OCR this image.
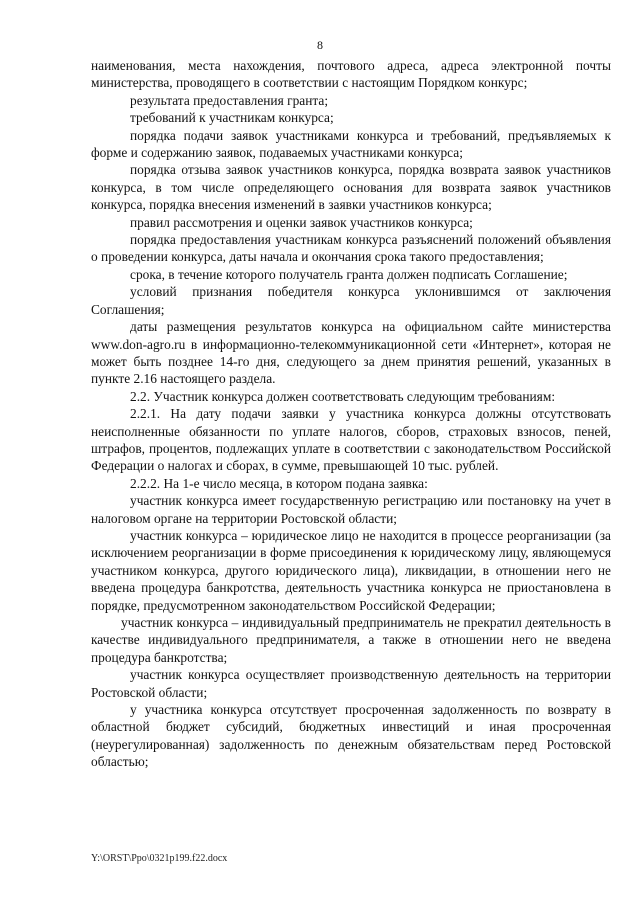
8

наименования, места нахождения, почтового адреса, адреса электронной почты министерства, проводящего в соответствии с настоящим Порядком конкурс;

результата предоставления гранта;

требований к участникам конкурса;

порядка подачи заявок участниками конкурса и требований, предъявляемых к форме и содержанию заявок, подаваемых участниками конкурса;

порядка отзыва заявок участников конкурса, порядка возврата заявок участников конкурса, в том числе определяющего основания для возврата заявок участников конкурса, порядка внесения изменений в заявки участников конкурса;

правил рассмотрения и оценки заявок участников конкурса;

порядка предоставления участникам конкурса разъяснений положений объявления о проведении конкурса, даты начала и окончания срока такого предоставления;

срока, в течение которого получатель гранта должен подписать Соглашение;

условий признания победителя конкурса уклонившимся от заключения Соглашения;

даты размещения результатов конкурса на официальном сайте министерства www.don-agro.ru в информационно-телекоммуникационной сети «Интернет», которая не может быть позднее 14-го дня, следующего за днем принятия решений, указанных в пункте 2.16 настоящего раздела.

2.2. Участник конкурса должен соответствовать следующим требованиям:

2.2.1. На дату подачи заявки у участника конкурса должны отсутствовать неисполненные обязанности по уплате налогов, сборов, страховых взносов, пеней, штрафов, процентов, подлежащих уплате в соответствии с законодательством Российской Федерации о налогах и сборах, в сумме, превышающей 10 тыс. рублей.

2.2.2. На 1-е число месяца, в котором подана заявка:

участник конкурса имеет государственную регистрацию или постановку на учет в налоговом органе на территории Ростовской области;

участник конкурса – юридическое лицо не находится в процессе реорганизации (за исключением реорганизации в форме присоединения к юридическому лицу, являющемуся участником конкурса, другого юридического лица), ликвидации, в отношении него не введена процедура банкротства, деятельность участника конкурса не приостановлена в порядке, предусмотренном законодательством Российской Федерации;

участник конкурса – индивидуальный предприниматель не прекратил деятельность в качестве индивидуального предпринимателя, а также в отношении него не введена процедура банкротства;

участник конкурса осуществляет производственную деятельность на территории Ростовской области;

у участника конкурса отсутствует просроченная задолженность по возврату в областной бюджет субсидий, бюджетных инвестиций и иная просроченная (неурегулированная) задолженность по денежным обязательствам перед Ростовской областью;

Y:\ORST\Ppo\0321p199.f22.docx
